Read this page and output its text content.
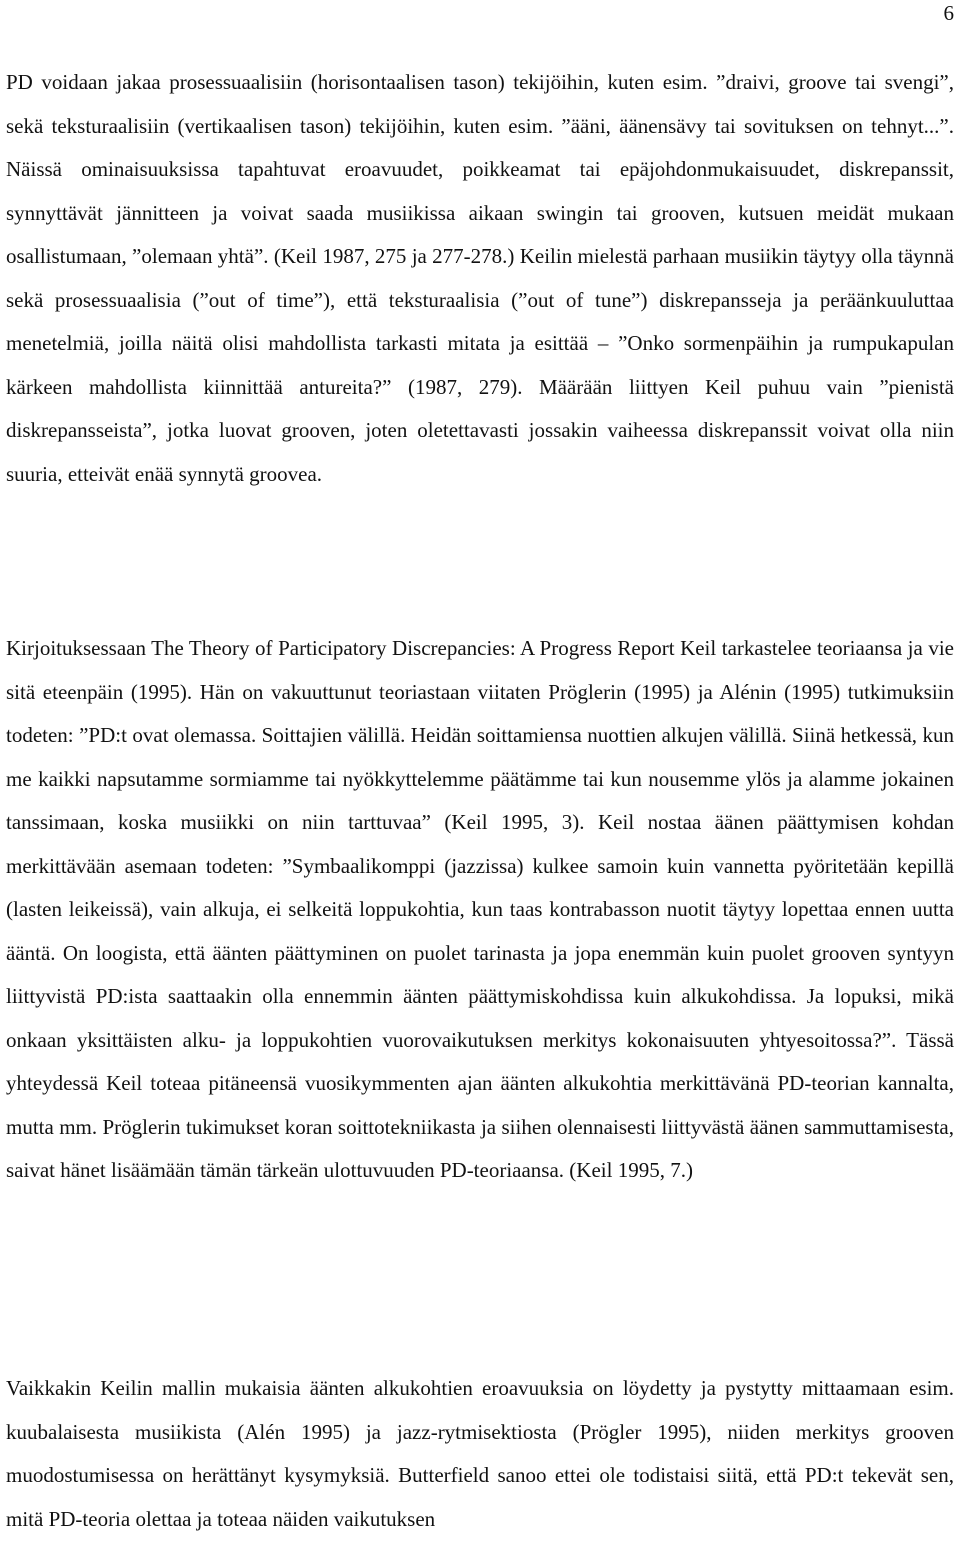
6

PD voidaan jakaa prosessuaalisiin (horisontaalisen tason) tekijöihin, kuten esim. ”draivi, groove tai svengi”, sekä teksturaalisiin (vertikaalisen tason) tekijöihin, kuten esim. ”ääni, äänensävy tai sovituksen on tehnyt...”. Näissä ominaisuuksissa tapahtuvat eroavuudet, poikkeamat tai epäjohdonmukaisuudet, diskrepanssit, synnyttävät jännitteen ja voivat saada musiikissa aikaan swingin tai grooven, kutsuen meidät mukaan osallistumaan, ”olemaan yhtä”. (Keil 1987, 275 ja 277-278.) Keilin mielestä parhaan musiikin täytyy olla täynnä sekä prosessuaalisia (”out of time”), että teksturaalisia (”out of tune”) diskrepansseja ja peräänkuuluttaa menetelmiä, joilla näitä olisi mahdollista tarkasti mitata ja esittää – ”Onko sormenpäihin ja rumpukapulan kärkeen mahdollista kiinnittää antureita?” (1987, 279). Määrään liittyen Keil puhuu vain ”pienistä diskrepansseista”, jotka luovat grooven, joten oletettavasti jossakin vaiheessa diskrepanssit voivat olla niin suuria, etteivät enää synnytä groovea.

Kirjoituksessaan The Theory of Participatory Discrepancies: A Progress Report Keil tarkastelee teoriaansa ja vie sitä eteenpäin (1995). Hän on vakuuttunut teoriastaan viitaten Pröglerin (1995) ja Alénin (1995) tutkimuksiin todeten: ”PD:t ovat olemassa. Soittajien välillä. Heidän soittamiensa nuottien alkujen välillä. Siinä hetkessä, kun me kaikki napsutamme sormiamme tai nyökkyttelemme päätämme tai kun nousemme ylös ja alamme jokainen tanssimaan, koska musiikki on niin tarttuvaa” (Keil 1995, 3). Keil nostaa äänen päättymisen kohdan merkittävään asemaan todeten: ”Symbaalikomppi (jazzissa) kulkee samoin kuin vannetta pyöritetään kepillä (lasten leikeissä), vain alkuja, ei selkeitä loppukohtia, kun taas kontrabasson nuotit täytyy lopettaa ennen uutta ääntä. On loogista, että äänten päättyminen on puolet tarinasta ja jopa enemmän kuin puolet grooven syntyyn liittyvistä PD:ista saattaakin olla ennemmin äänten päättymiskohdissa kuin alkukohdissa. Ja lopuksi, mikä onkaan yksittäisten alku- ja loppukohtien vuorovaikutuksen merkitys kokonaisuuten yhtyesoitossa?”. Tässä yhteydessä Keil toteaa pitäneensä vuosikymmenten ajan äänten alkukohtia merkittävänä PD-teorian kannalta, mutta mm. Pröglerin tukimukset koran soittotekniikasta ja siihen olennaisesti liittyvästä äänen sammuttamisesta, saivat hänet lisäämään tämän tärkeän ulottuvuuden PD-teoriaansa. (Keil 1995, 7.)

Vaikkakin Keilin mallin mukaisia äänten alkukohtien eroavuuksia on löydetty ja pystytty mittaamaan esim. kuubalaisesta musiikista (Alén 1995) ja jazz-rytmisektiosta (Prögler 1995), niiden merkitys grooven muodostumisessa on herättänyt kysymyksiä. Butterfield sanoo ettei ole todistaisi siitä, että PD:t tekevät sen, mitä PD-teoria olettaa ja toteaa näiden vaikutuksen
